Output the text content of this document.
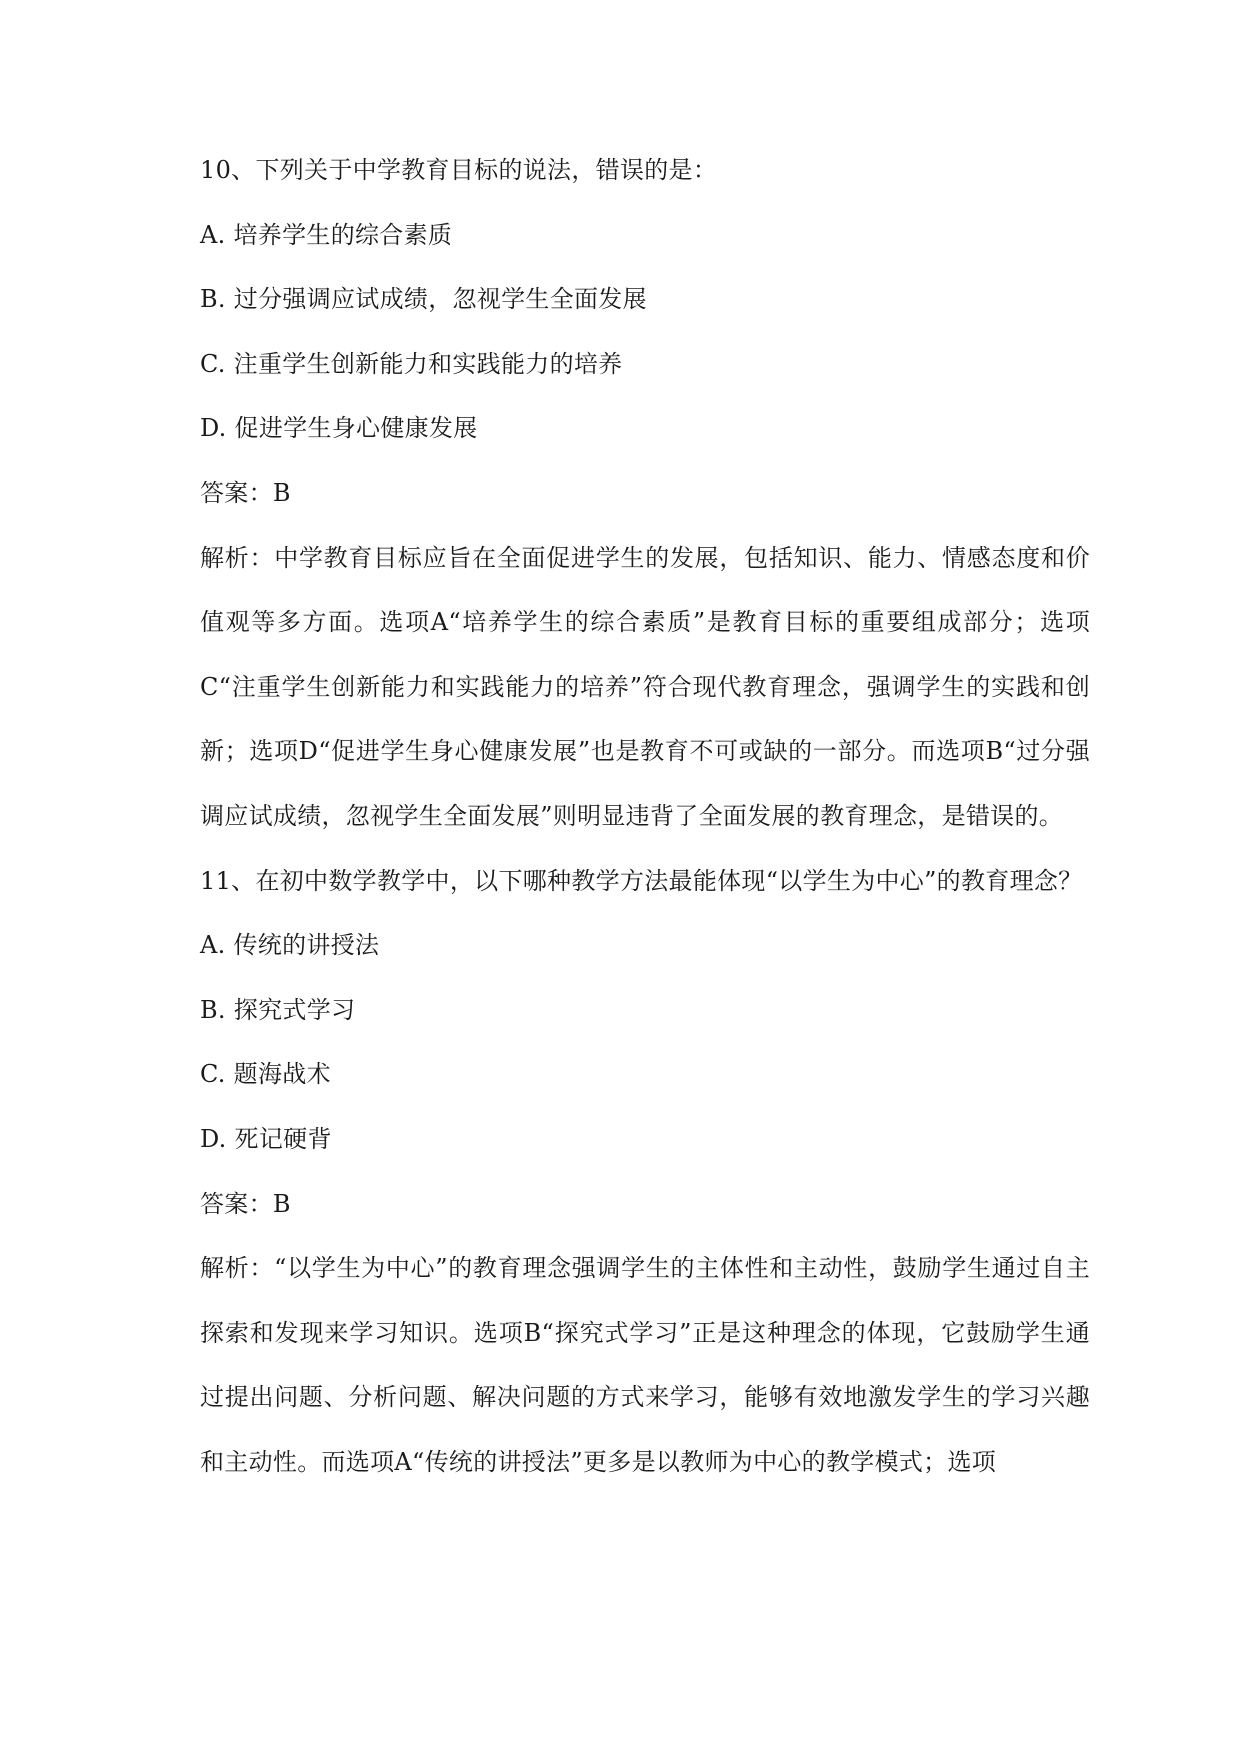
10、下列关于中学教育目标的说法，错误的是：
A. 培养学生的综合素质
B. 过分强调应试成绩，忽视学生全面发展
C. 注重学生创新能力和实践能力的培养
D. 促进学生身心健康发展
答案：B

解析：中学教育目标应旨在全面促进学生的发展，包括知识、能力、情感态度和价值观等多方面。选项A“培养学生的综合素质”是教育目标的重要组成部分；选项C“注重学生创新能力和实践能力的培养”符合现代教育理念，强调学生的实践和创新；选项D“促进学生身心健康发展”也是教育不可或缺的一部分。而选项B“过分强调应试成绩，忽视学生全面发展”则明显违背了全面发展的教育理念，是错误的。

11、在初中数学教学中，以下哪种教学方法最能体现“以学生为中心”的教育理念？
A. 传统的讲授法
B. 探究式学习
C. 题海战术
D. 死记硬背
答案：B

解析：“以学生为中心”的教育理念强调学生的主体性和主动性，鼓励学生通过自主探索和发现来学习知识。选项B“探究式学习”正是这种理念的体现，它鼓励学生通过提出问题、分析问题、解决问题的方式来学习，能够有效地激发学生的学习兴趣和主动性。而选项A“传统的讲授法”更多是以教师为中心的教学模式；选项
